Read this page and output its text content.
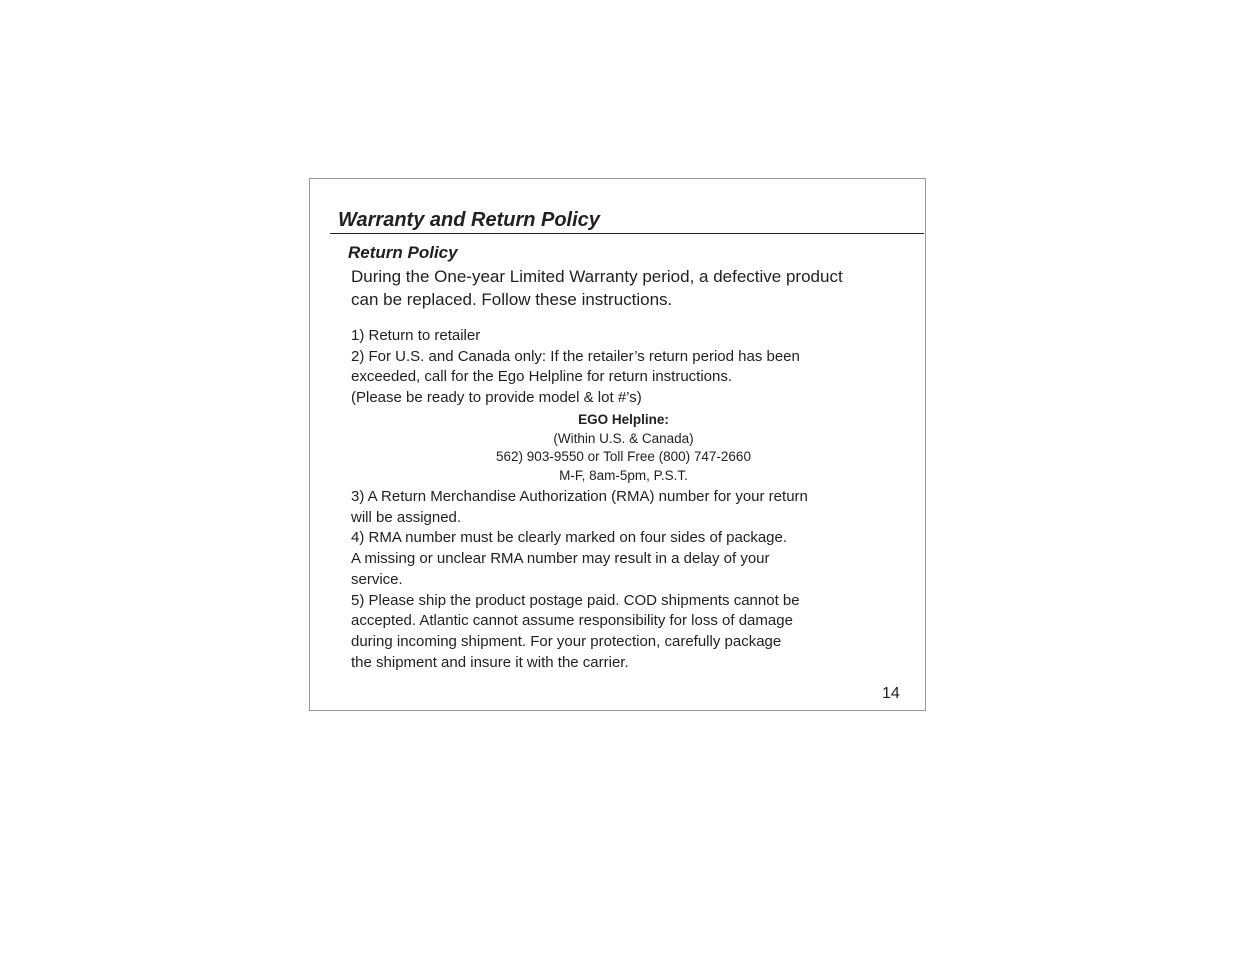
Warranty and Return Policy
Return Policy

During the One-year Limited Warranty period, a defective product
can be replaced. Follow these instructions.

1) Return to retailer
2) For U.S. and Canada only: If the retailer’s return period has been
exceeded, call for the Ego Helpline for return instructions.
(Please be ready to provide model & lot #’s)

EGO Helpline:
(Within U.S. & Canada)
562) 903-9550 or Toll Free (800) 747-2660
M-F, 8am-5pm, P.S.T.

3) A Return Merchandise Authorization (RMA) number for your return
will be assigned.
4) RMA number must be clearly marked on four sides of package.
A missing or unclear RMA number may result in a delay of your
service.
5) Please ship the product postage paid. COD shipments cannot be
accepted. Atlantic cannot assume responsibility for loss of damage
during incoming shipment. For your protection, carefully package
the shipment and insure it with the carrier.

14
